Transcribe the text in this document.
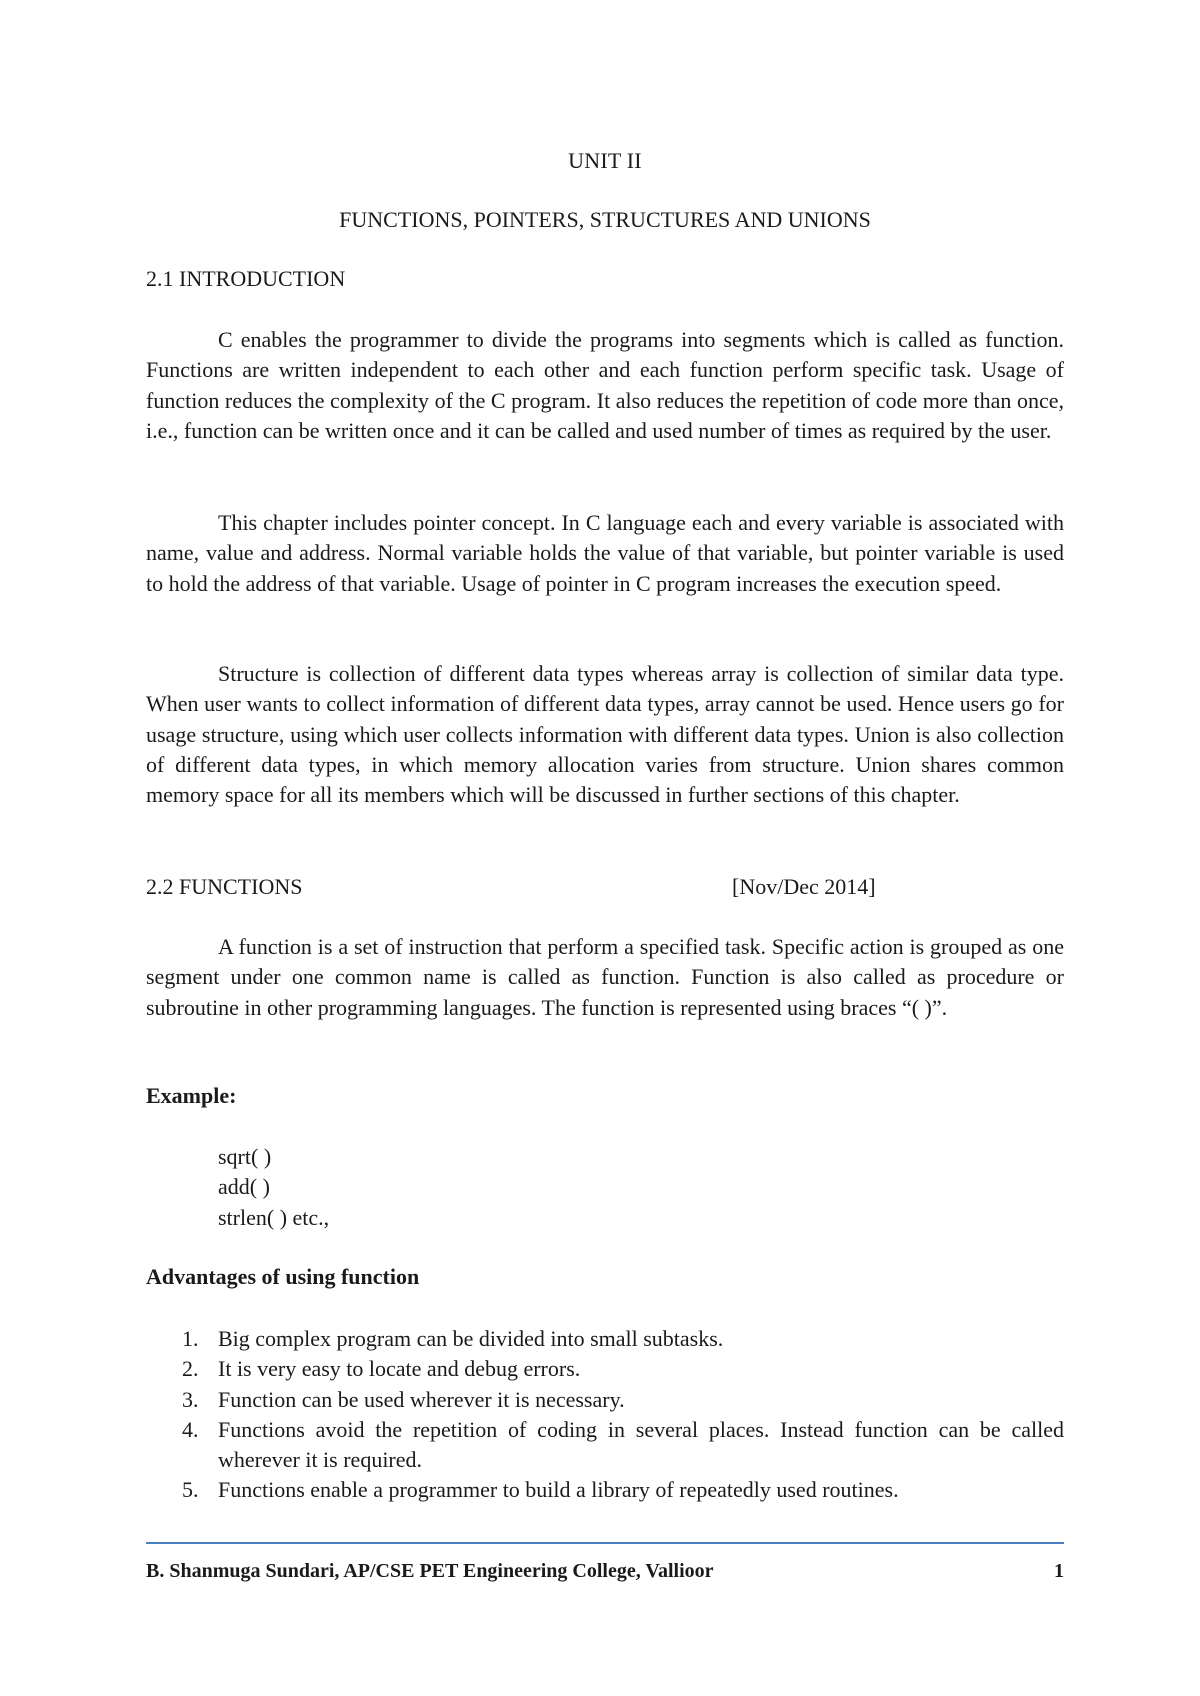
UNIT II
FUNCTIONS, POINTERS, STRUCTURES AND UNIONS
2.1 INTRODUCTION

C enables the programmer to divide the programs into segments which is called as function. Functions are written independent to each other and each function perform specific task. Usage of function reduces the complexity of the C program. It also reduces the repetition of code more than once, i.e., function can be written once and it can be called and used number of times as required by the user.

This chapter includes pointer concept. In C language each and every variable is associated with name, value and address. Normal variable holds the value of that variable, but pointer variable is used to hold the address of that variable. Usage of pointer in C program increases the execution speed.

Structure is collection of different data types whereas array is collection of similar data type. When user wants to collect information of different data types, array cannot be used. Hence users go for usage structure, using which user collects information with different data types. Union is also collection of different data types, in which memory allocation varies from structure. Union shares common memory space for all its members which will be discussed in further sections of this chapter.

2.2 FUNCTIONS	[Nov/Dec 2014]

A function is a set of instruction that perform a specified task. Specific action is grouped as one segment under one common name is called as function. Function is also called as procedure or subroutine in other programming languages. The function is represented using braces “( )”.

Example:
sqrt( )
add( )
strlen( ) etc.,
Advantages of using function
1. Big complex program can be divided into small subtasks.
2. It is very easy to locate and debug errors.
3. Function can be used wherever it is necessary.
4. Functions avoid the repetition of coding in several places. Instead function can be called wherever it is required.
5. Functions enable a programmer to build a library of repeatedly used routines.
B. Shanmuga Sundari, AP/CSE PET Engineering College, Vallioor	1
